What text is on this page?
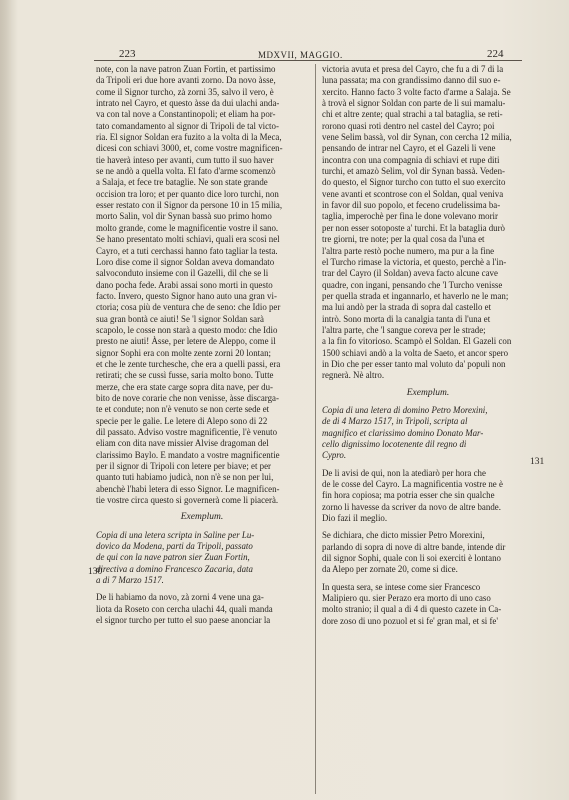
223	MDXVII, MAGGIO.	224
130
131
note, con la nave patron Zuan Fortin, et partissimo
da Tripoli eri due hore avanti zorno. Da novo àsse,
come il Signor turcho, zà zorni 35, salvo il vero, è
intrato nel Cayro, et questo àsse da dui ulachi anda-
va con tal nove a Constantinopoli; et eliam ha por-
tato comandamento al signor di Tripoli de tal victo-
ria. El signor Soldan era fuzito a la volta di la Meca,
dicesi con schiavi 3000, et, come vostre magnificen-
tie haverà inteso per avanti, cum tutto il suo haver
se ne andò a quella volta. El fato d'arme scomenzò
a Salaja, et fece tre bataglie. Ne son state grande
occision tra loro; et per quanto dice loro turchi, non
esser restato con il Signor da persone 10 in 15 milia,
morto Salin, vol dir Synan bassà suo primo homo
molto grande, come le magnificentie vostre il sano.
Se hano presentato molti schiavi, quali era scosi nel
Cayro, et a tuti cerchassi hanno fato tagliar la testa.
Loro dise come il signor Soldan aveva domandato
salvoconduto insieme con il Gazelli, dil che se li
dano pocha fede. Arabi assai sono morti in questo
facto. Invero, questo Signor hano auto una gran vi-
ctoria; cosa più de ventura che de seno: che Idio per
sua gran bontà ce aiuti! Se 'l signor Soldan sarà
scapolo, le cosse non starà a questo modo: che Idio
presto ne aiuti! Àsse, per letere de Aleppo, come il
signor Sophi era con molte zente zorni 20 lontan;
et che le zente turchesche, che era a quelli passi, era
retirati; che se cussì fusse, saria molto bono. Tutte
merze, che era state carge sopra dita nave, per du-
bito de nove corarie che non venisse, àsse discarga-
te et condute; non n'è venuto se non certe sede et
specie per le galie. Le letere di Alepo sono di 22
dil passato. Adviso vostre magnificentie, l'è venuto
eliam con dita nave missier Alvise dragoman del
clarissimo Baylo. E mandato a vostre magnificentie
per il signor di Tripoli con letere per biave; et per
quanto tuti habiamo judicà, non n'è se non per lui,
abenchè l'habi letera di esso Signor. Le magnificen-
tie vostre circa questo si governerà come li piacerà.
Exemplum.
Copia di una letera scripta in Saline per Lu-
dovico da Modena, parti da Tripoli, passato
de qui con la nave patron sier Zuan Fortin,
directiva a domino Francesco Zacaria, data
a di 7 Marzo 1517.
De li habiamo da novo, zà zorni 4 vene una ga-
liota da Roseto con cercha ulachi 44, quali manda
el signor turcho per tutto el suo paese anonciar la
victoria avuta et presa del Cayro, che fu a di 7 di la
luna passata; ma con grandissimo danno dil suo e-
xercito. Hanno facto 3 volte facto d'arme a Salaja. Se
à trovà el signor Soldan con parte de li sui mamalu-
chi et altre zente; qual strachi a tal bataglia, se reti-
rorono quasi roti dentro nel castel del Cayro; poi
vene Selim bassà, vol dir Synan, con cercha 12 milia,
pensando de intrar nel Cayro, et el Gazeli li vene
incontra con una compagnia di schiavi et rupe diti
turchi, et amazò Selim, vol dir Synan bassà. Veden-
do questo, el Signor turcho con tutto el suo exercito
vene avanti et scontrose con el Soldan, qual veniva
in favor dil suo popolo, et feceno crudelissima ba-
taglia, imperochè per fina le done volevano morir
per non esser sotoposte a' turchi. Et la bataglia durò
tre giorni, tre note; per la qual cosa da l'una et
l'altra parte restò poche numero, ma pur a la fine
el Turcho rimase la victoria, et questo, perchè a l'in-
trar del Cayro (il Soldan) aveva facto alcune cave
quadre, con ingani, pensando che 'l Turcho venisse
per quella strada et ingannarlo, et haverlo ne le man;
ma lui andò per la strada di sopra dal castello et
intrò. Sono morta di la canalgia tanta di l'una et
l'altra parte, che 'l sangue coreva per le strade;
a la fin fo vitorioso. Scampò el Soldan. El Gazeli con
1500 schiavi andò a la volta de Saeto, et ancor spero
in Dio che per esser tanto mal voluto da' populi non
regnerà. Nè altro.
Exemplum.
Copia di una letera di domino Petro Morexini,
de di 4 Marzo 1517, in Tripoli, scripta al
magnifico et clarissimo domino Donato Mar-
cello dignissimo locotenente dil regno di
Cypro.
De li avisi de qui, non la atediarò per hora che
de le cosse del Cayro. La magnificentia vostre ne è
fin hora copiosa; ma potria esser che sin qualche
zorno li havesse da scriver da novo de altre bande.
Dio fazi il meglio.
Se dichiara, che dicto missier Petro Morexini,
parlando di sopra di nove di altre bande, intende dir
dil signor Sophi, quale con li soi exerciti è lontano
da Alepo per zornate 20, come si dice.
In questa sera, se intese come sier Francesco
Malipiero qu. sier Perazo era morto di uno caso
molto stranio; il qual a di 4 di questo cazete in Ca-
dore zoso di uno pozuol et si fe' gran mal, et si fe'
